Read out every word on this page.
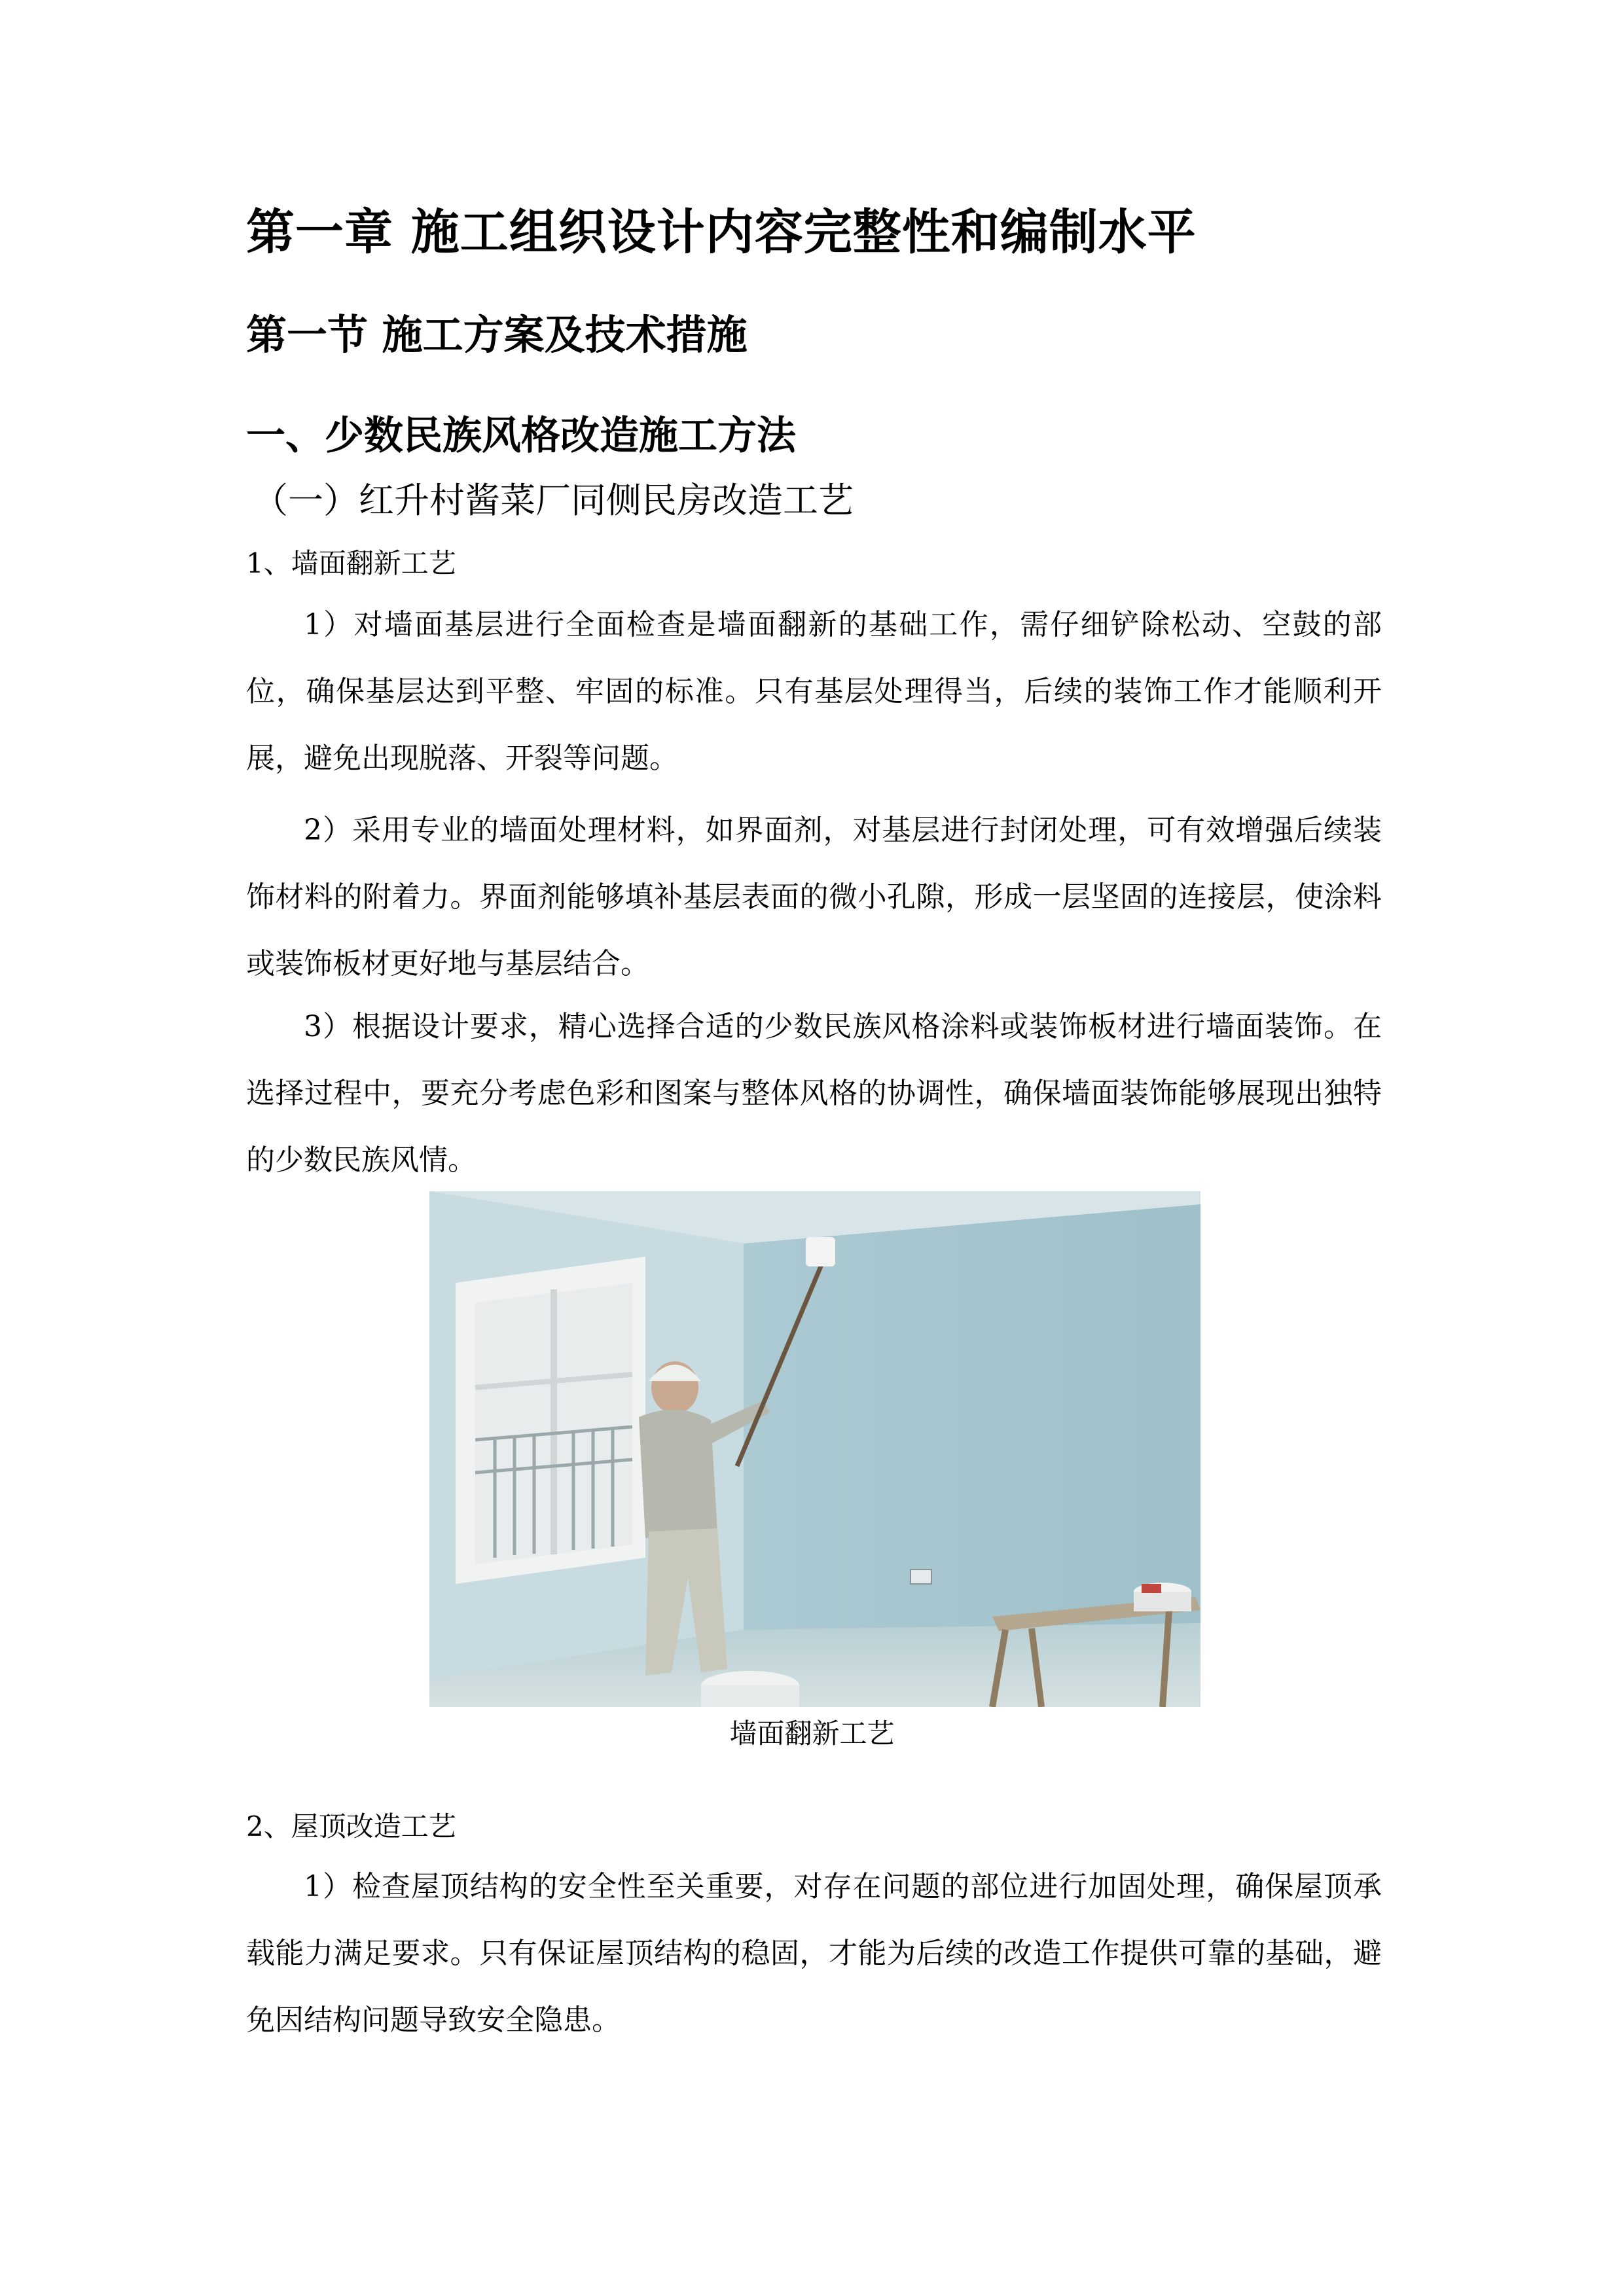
第一章 施工组织设计内容完整性和编制水平
第一节 施工方案及技术措施
一、少数民族风格改造施工方法
（一）红升村酱菜厂同侧民房改造工艺
1、墙面翻新工艺

1）对墙面基层进行全面检查是墙面翻新的基础工作，需仔细铲除松动、空鼓的部位，确保基层达到平整、牢固的标准。只有基层处理得当，后续的装饰工作才能顺利开展，避免出现脱落、开裂等问题。

2）采用专业的墙面处理材料，如界面剂，对基层进行封闭处理，可有效增强后续装饰材料的附着力。界面剂能够填补基层表面的微小孔隙，形成一层坚固的连接层，使涂料或装饰板材更好地与基层结合。

3）根据设计要求，精心选择合适的少数民族风格涂料或装饰板材进行墙面装饰。在选择过程中，要充分考虑色彩和图案与整体风格的协调性，确保墙面装饰能够展现出独特的少数民族风情。

墙面翻新工艺
2、屋顶改造工艺

1）检查屋顶结构的安全性至关重要，对存在问题的部位进行加固处理，确保屋顶承载能力满足要求。只有保证屋顶结构的稳固，才能为后续的改造工作提供可靠的基础，避免因结构问题导致安全隐患。
